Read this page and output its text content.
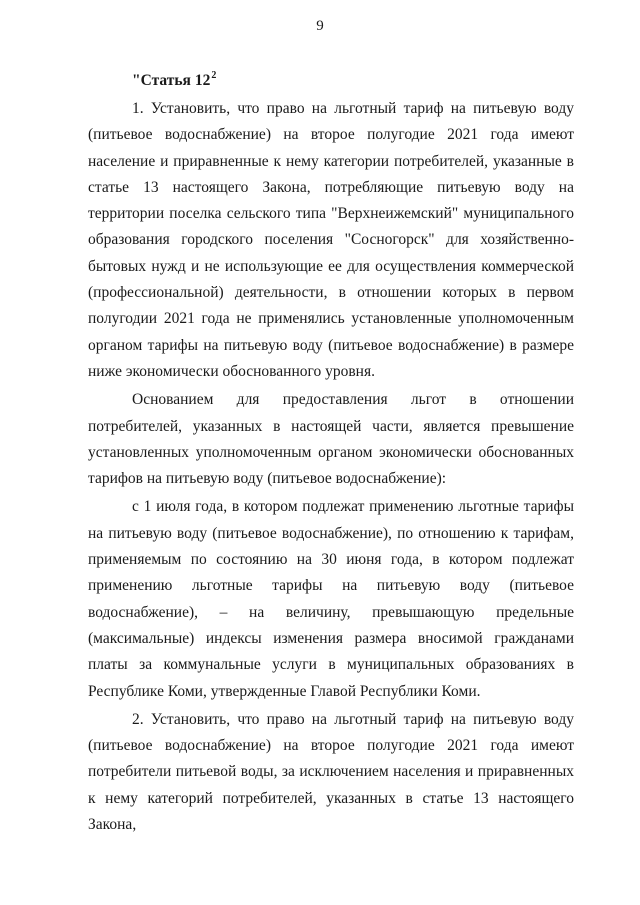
9
"Статья $12^2$

1. Установить, что право на льготный тариф на питьевую воду (питьевое водоснабжение) на второе полугодие 2021 года имеют население и приравненные к нему категории потребителей, указанные в статье 13 настоящего Закона, потребляющие питьевую воду на территории поселка сельского типа "Верхнеижемский" муниципального образования городского поселения "Сосногорск" для хозяйственно-бытовых нужд и не использующие ее для осуществления коммерческой (профессиональной) деятельности, в отношении которых в первом полугодии 2021 года не применялись установленные уполномоченным органом тарифы на питьевую воду (питьевое водоснабжение) в размере ниже экономически обоснованного уровня.

Основанием для предоставления льгот в отношении потребителей, указанных в настоящей части, является превышение установленных уполномоченным органом экономически обоснованных тарифов на питьевую воду (питьевое водоснабжение):

с 1 июля года, в котором подлежат применению льготные тарифы на питьевую воду (питьевое водоснабжение), по отношению к тарифам, применяемым по состоянию на 30 июня года, в котором подлежат применению льготные тарифы на питьевую воду (питьевое водоснабжение), – на величину, превышающую предельные (максимальные) индексы изменения размера вносимой гражданами платы за коммунальные услуги в муниципальных образованиях в Республике Коми, утвержденные Главой Республики Коми.

2. Установить, что право на льготный тариф на питьевую воду (питьевое водоснабжение) на второе полугодие 2021 года имеют потребители питьевой воды, за исключением населения и приравненных к нему категорий потребителей, указанных в статье 13 настоящего Закона,
